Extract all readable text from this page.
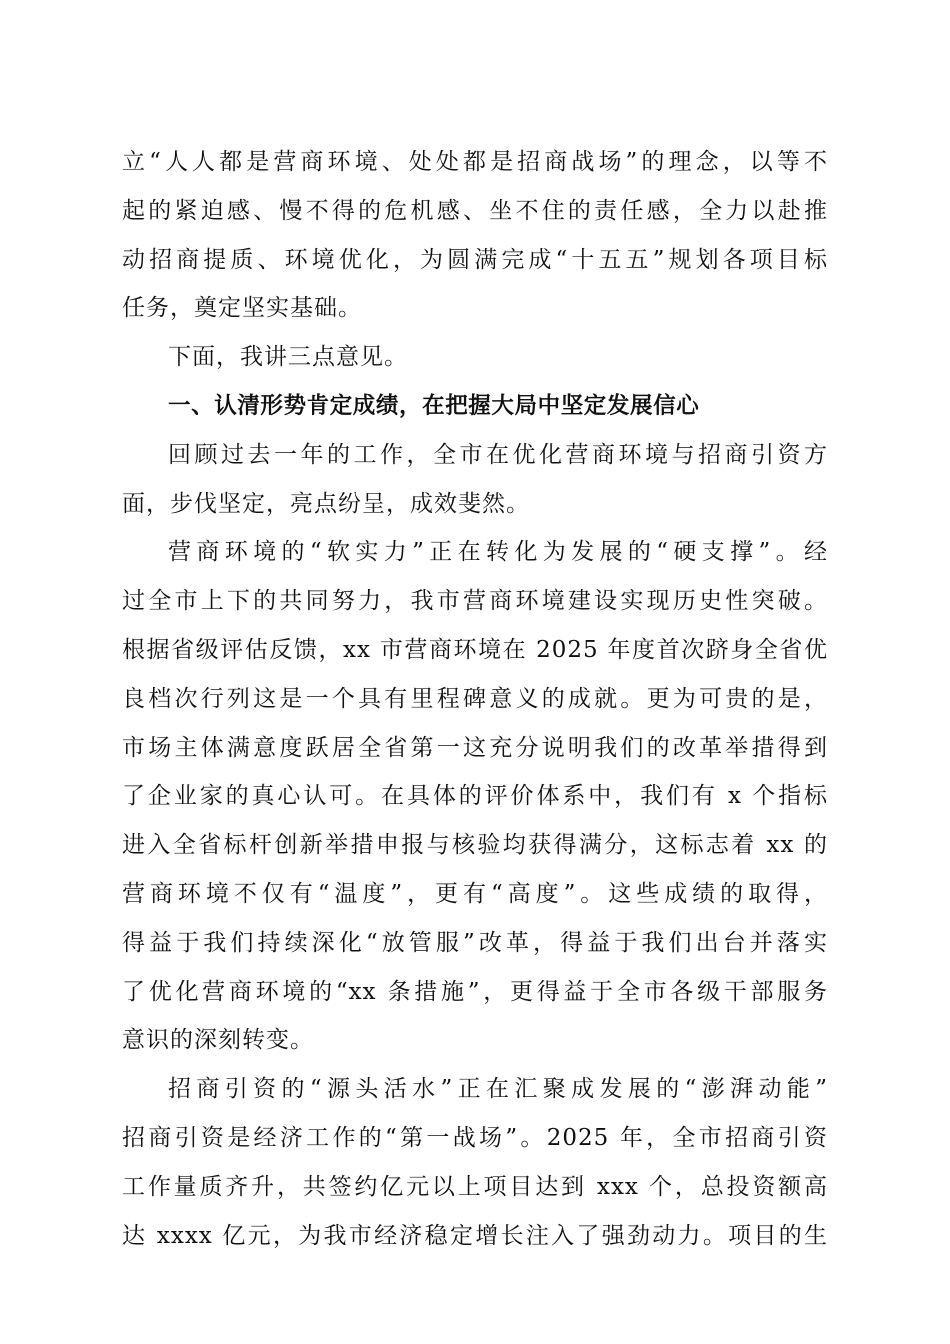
立“人人都是营商环境、处处都是招商战场”的理念，以等不
起的紧迫感、慢不得的危机感、坐不住的责任感，全力以赴推
动招商提质、环境优化，为圆满完成“十五五”规划各项目标
任务，奠定坚实基础。
下面，我讲三点意见。
一、认清形势肯定成绩，在把握大局中坚定发展信心
回顾过去一年的工作，全市在优化营商环境与招商引资方
面，步伐坚定，亮点纷呈，成效斐然。
营商环境的“软实力”正在转化为发展的“硬支撑”。经
过全市上下的共同努力，我市营商环境建设实现历史性突破。
根据省级评估反馈，xx 市营商环境在 2025 年度首次跻身全省优
良档次行列这是一个具有里程碑意义的成就。更为可贵的是，
市场主体满意度跃居全省第一这充分说明我们的改革举措得到
了企业家的真心认可。在具体的评价体系中，我们有 x 个指标
进入全省标杆创新举措申报与核验均获得满分，这标志着 xx 的
营商环境不仅有“温度”，更有“高度”。这些成绩的取得，
得益于我们持续深化“放管服”改革，得益于我们出台并落实
了优化营商环境的“xx 条措施”，更得益于全市各级干部服务
意识的深刻转变。
招商引资的“源头活水”正在汇聚成发展的“澎湃动能”
招商引资是经济工作的“第一战场”。2025 年，全市招商引资
工作量质齐升，共签约亿元以上项目达到 xxx 个，总投资额高
达 xxxx 亿元，为我市经济稳定增长注入了强劲动力。项目的生
